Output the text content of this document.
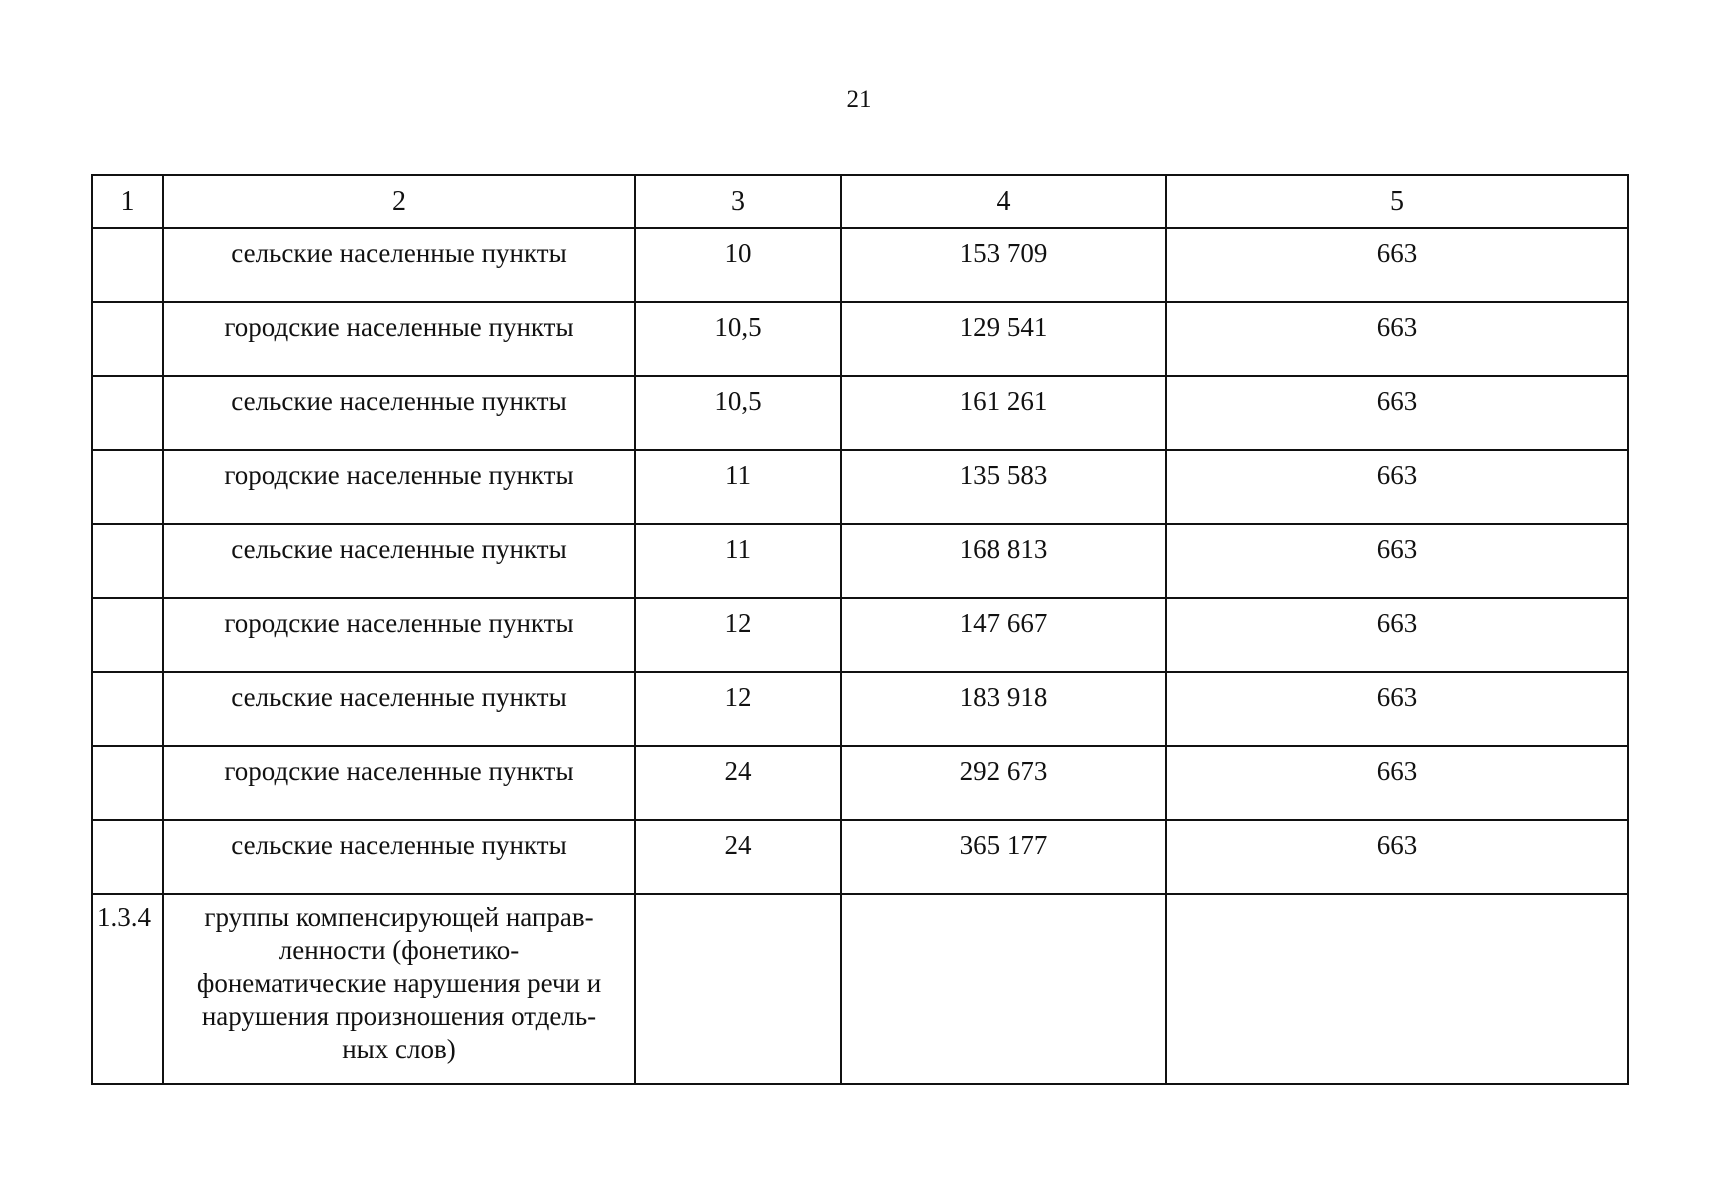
21
1	2	3	4	5
	сельские населенные пункты	10	153 709	663
	городские населенные пункты	10,5	129 541	663
	сельские населенные пункты	10,5	161 261	663
	городские населенные пункты	11	135 583	663
	сельские населенные пункты	11	168 813	663
	городские населенные пункты	12	147 667	663
	сельские населенные пункты	12	183 918	663
	городские населенные пункты	24	292 673	663
	сельские населенные пункты	24	365 177	663
1.3.4	группы компенсирующей направ-
ленности (фонетико-
фонематические нарушения речи и
нарушения произношения отдель-
ных слов)			
